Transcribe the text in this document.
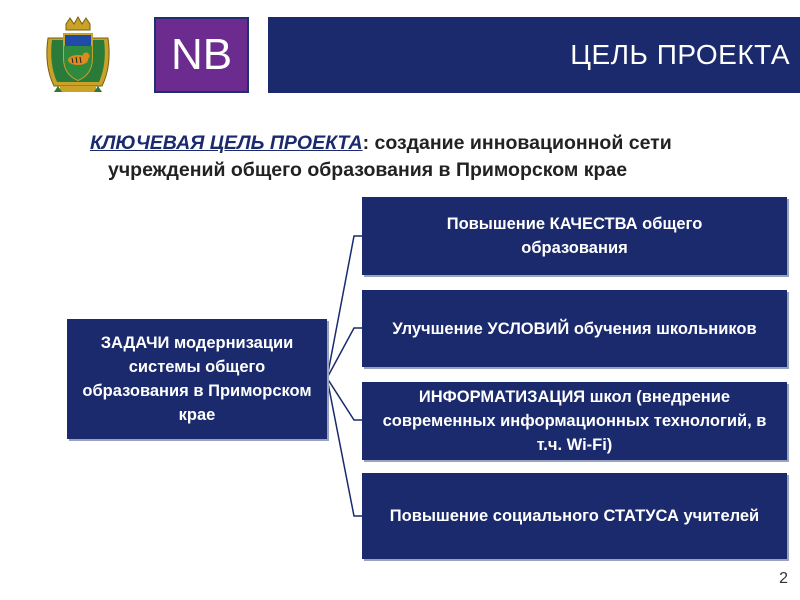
NB	ЦЕЛЬ ПРОЕКТА
КЛЮЧЕВАЯ ЦЕЛЬ ПРОЕКТА: создание инновационной сети
учреждений общего образования в Приморском крае
ЗАДАЧИ модернизации системы общего образования в Приморском крае
Повышение КАЧЕСТВА общего образования
Улучшение УСЛОВИЙ обучения школьников
ИНФОРМАТИЗАЦИЯ школ (внедрение современных информационных технологий, в т.ч. Wi-Fi)
Повышение социального СТАТУСА учителей
2
